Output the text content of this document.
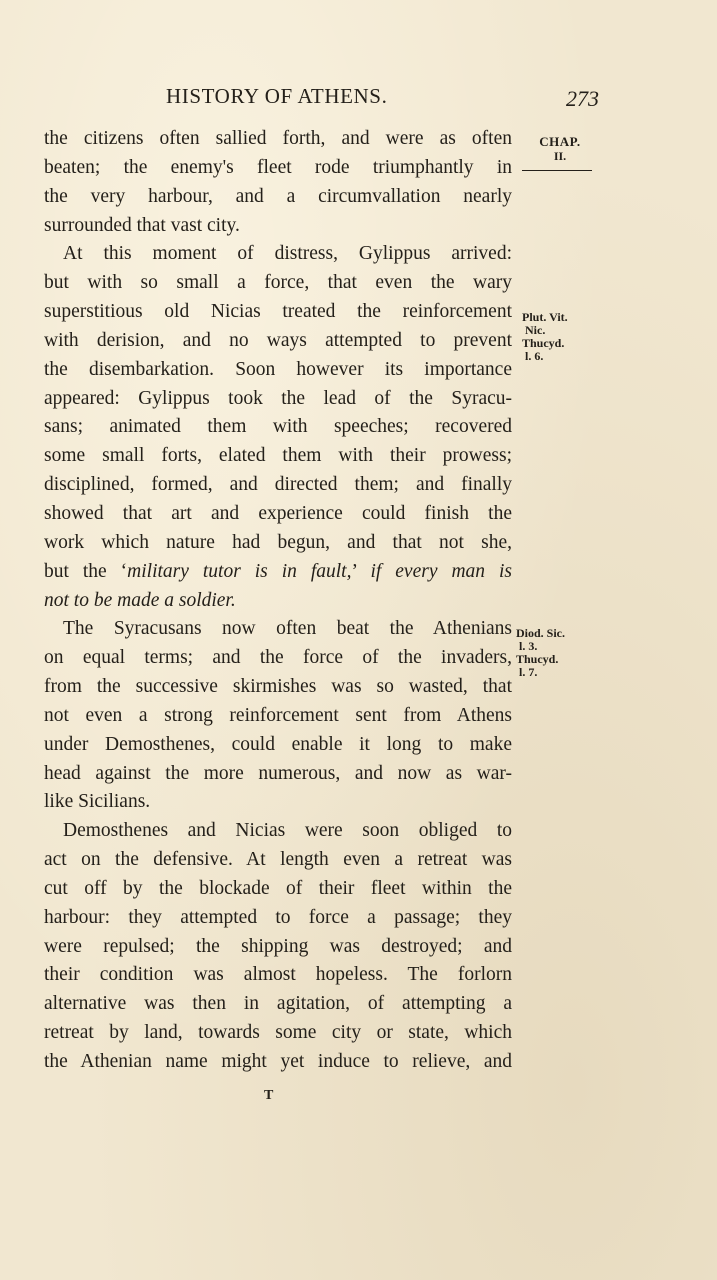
HISTORY OF ATHENS.	273
CHAP.
II.
Plut. Vit.
Nic.
Thucyd.
l. 6.
Diod. Sic.
l. 3.
Thucyd.
l. 7.
the citizens often sallied forth, and were as often
beaten; the enemy's fleet rode triumphantly in
the very harbour, and a circumvallation nearly
surrounded that vast city.
At this moment of distress, Gylippus arrived:
but with so small a force, that even the wary
superstitious old Nicias treated the reinforcement
with derision, and no ways attempted to prevent
the disembarkation. Soon however its importance
appeared: Gylippus took the lead of the Syracu-
sans; animated them with speeches; recovered
some small forts, elated them with their prowess;
disciplined, formed, and directed them; and finally
showed that art and experience could finish the
work which nature had begun, and that not she,
but the ‘military tutor is in fault,’ if every man is
not to be made a soldier.
The Syracusans now often beat the Athenians
on equal terms; and the force of the invaders,
from the successive skirmishes was so wasted, that
not even a strong reinforcement sent from Athens
under Demosthenes, could enable it long to make
head against the more numerous, and now as war-
like Sicilians.
Demosthenes and Nicias were soon obliged to
act on the defensive. At length even a retreat was
cut off by the blockade of their fleet within the
harbour: they attempted to force a passage; they
were repulsed; the shipping was destroyed; and
their condition was almost hopeless. The forlorn
alternative was then in agitation, of attempting a
retreat by land, towards some city or state, which
the Athenian name might yet induce to relieve, and
T
